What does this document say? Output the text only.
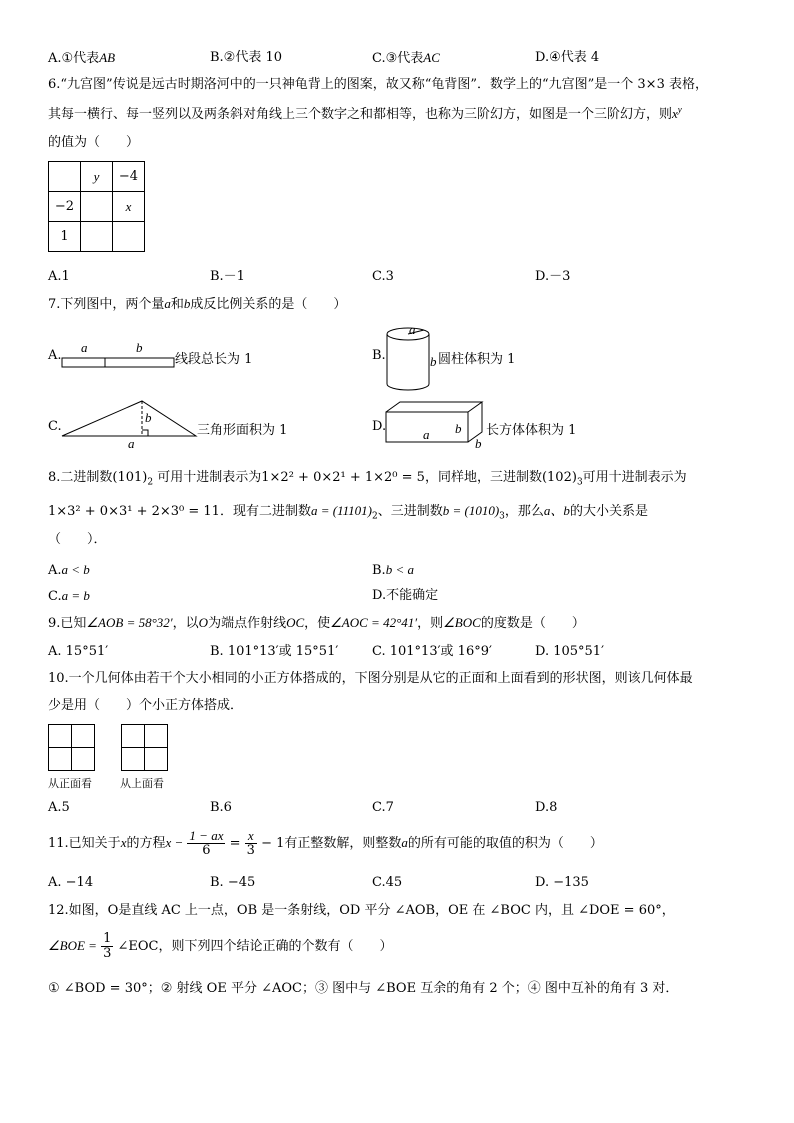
A.①代表AB	B.②代表 10	C.③代表AC	D.④代表 4
6.“九宫图”传说是远古时期洛河中的一只神龟背上的图案，故又称“龟背图”．数学上的“九宫图”是一个 3×3 表格，
其每一横行、每一竖列以及两条斜对角线上三个数字之和都相等，也称为三阶幻方，如图是一个三阶幻方，则$x^y$
的值为（　　）
	y	−4
−2		x
1		
A.1	B.－1	C.3	D.－3
7.下列图中，两个量a和b成反比例关系的是（　　）
A.
a	b
线段总长为 1	B.
a
b 圆柱体积为 1
C.
b
a
三角形面积为 1	D.
a b
b
长方体体积为 1
8.二进制数$(101)_2$ 可用十进制表示为1×2² + 0×2¹ + 1×2⁰ = 5，同样地，三进制数$(102)_3$可用十进制表示为
1×3² + 0×3¹ + 2×3⁰ = 11．现有二进制数$a = (11101)_2$、三进制数$b = (1010)_3$，那么a、b的大小关系是
（　　）．
A.a < b	B.b < a
C.a = b	D.不能确定
9.已知∠AOB = 58°32′，以O为端点作射线OC，使∠AOC = 42°41′，则∠BOC的度数是（　　）
A. 15°51′	B. 101°13′或 15°51′	C. 101°13′或 16°9′	D. 105°51′
10.一个几何体由若干个大小相同的小正方体搭成的，下图分别是从它的正面和上面看到的形状图，则该几何体最
少是用（　　）个小正方体搭成．
从正面看	从上面看
A.5	B.6	C.7	D.8
11.已知关于x的方程$x - \frac{1 - ax}{6} = \frac{x}{3} - 1$有正整数解，则整数a的所有可能的取值的积为（　　）
A. −14	B. −45	C.45	D. −135
12.如图，O是直线 AC 上一点，OB 是一条射线，OD 平分 ∠AOB，OE 在 ∠BOC 内，且 ∠DOE = 60°，
∠BOE = $\frac{1}{3}$ ∠EOC，则下列四个结论正确的个数有（　　）
① ∠BOD = 30°；② 射线 OE 平分 ∠AOC；③ 图中与 ∠BOE 互余的角有 2 个；④ 图中互补的角有 3 对．
